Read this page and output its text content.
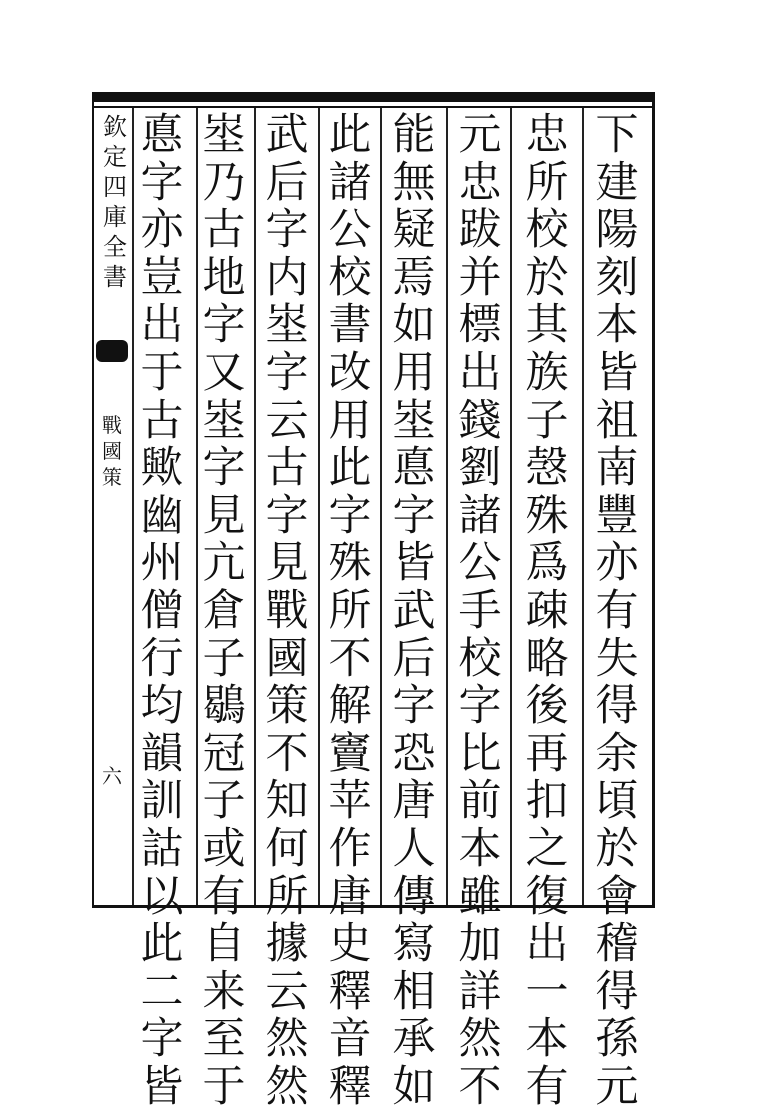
欽定四庫全書
戰國策
六
下
建
陽
刻
本
皆
祖
南
豐
亦
有
失
得
余
頃
於
會
稽
得
孫
元
忠
所
校
於
其
族
子
愨
殊
爲
疎
略
後
再
扣
之
復
出
一
本
有
元
忠
跋
并
標
出
錢
劉
諸
公
手
校
字
比
前
本
雖
加
詳
然
不
能
無
疑
焉
如
用
埊
悳
字
皆
武
后
字
恐
唐
人
傳
寫
相
承
如
此
諸
公
校
書
改
用
此
字
殊
所
不
解
竇
苹
作
唐
史
釋
音
釋
武
后
字
内
埊
字
云
古
字
見
戰
國
策
不
知
何
所
據
云
然
然
埊
乃
古
地
字
又
埊
字
見
亢
倉
子
鶡
冠
子
或
有
自
来
至
于
悳
字
亦
豈
出
于
古
歟
幽
州
僧
行
均
韻
訓
詁
以
此
二
字
皆
